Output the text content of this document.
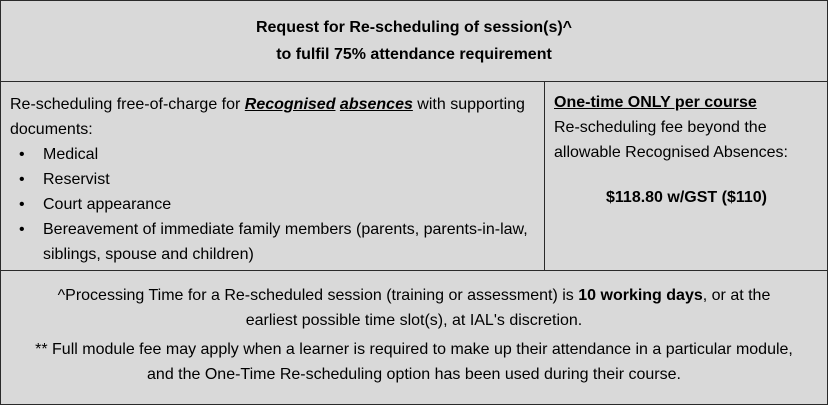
Request for Re-scheduling of session(s)^
to fulfil 75% attendance requirement
Re-scheduling free-of-charge for Recognised absences with supporting documents:
• Medical
• Reservist
• Court appearance
• Bereavement of immediate family members (parents, parents-in-law, siblings, spouse and children)
One-time ONLY per course
Re-scheduling fee beyond the allowable Recognised Absences:
$118.80 w/GST ($110)
^Processing Time for a Re-scheduled session (training or assessment) is 10 working days, or at the earliest possible time slot(s), at IAL's discretion.
** Full module fee may apply when a learner is required to make up their attendance in a particular module, and the One-Time Re-scheduling option has been used during their course.
